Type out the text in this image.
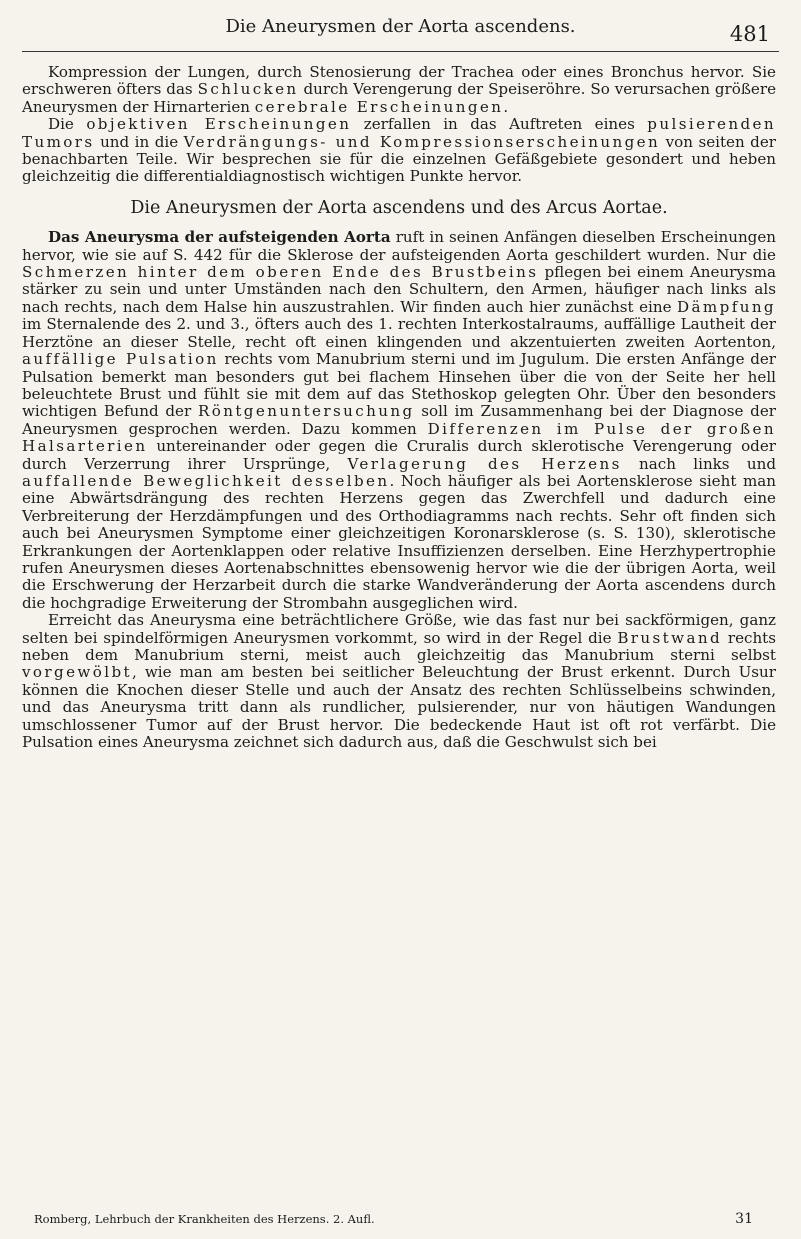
Die Aneurysmen der Aorta ascendens.	481

Kompression der Lungen, durch Stenosierung der Trachea oder eines Bronchus hervor. Sie erschweren öfters das Schlucken durch Verengerung der Speiseröhre. So verursachen größere Aneurysmen der Hirnarterien cerebrale Erscheinungen.

Die objektiven Erscheinungen zerfallen in das Auftreten eines pulsierenden Tumors und in die Verdrängungs- und Kompressionserscheinungen von seiten der benachbarten Teile. Wir besprechen sie für die einzelnen Gefäßgebiete gesondert und heben gleichzeitig die differentialdiagnostisch wichtigen Punkte hervor.

Die Aneurysmen der Aorta ascendens und des Arcus Aortae.

Das Aneurysma der aufsteigenden Aorta ruft in seinen Anfängen dieselben Erscheinungen hervor, wie sie auf S. 442 für die Sklerose der aufsteigenden Aorta geschildert wurden. Nur die Schmerzen hinter dem oberen Ende des Brustbeins pflegen bei einem Aneurysma stärker zu sein und unter Umständen nach den Schultern, den Armen, häufiger nach links als nach rechts, nach dem Halse hin auszustrahlen. Wir finden auch hier zunächst eine Dämpfung im Sternalende des 2. und 3., öfters auch des 1. rechten Interkostalraums, auffällige Lautheit der Herztöne an dieser Stelle, recht oft einen klingenden und akzentuierten zweiten Aortenton, auffällige Pulsation rechts vom Manubrium sterni und im Jugulum. Die ersten Anfänge der Pulsation bemerkt man besonders gut bei flachem Hinsehen über die von der Seite her hell beleuchtete Brust und fühlt sie mit dem auf das Stethoskop gelegten Ohr. Über den besonders wichtigen Befund der Röntgenuntersuchung soll im Zusammenhang bei der Diagnose der Aneurysmen gesprochen werden. Dazu kommen Differenzen im Pulse der großen Halsarterien untereinander oder gegen die Cruralis durch sklerotische Verengerung oder durch Verzerrung ihrer Ursprünge, Verlagerung des Herzens nach links und auffallende Beweglichkeit desselben. Noch häufiger als bei Aortensklerose sieht man eine Abwärtsdrängung des rechten Herzens gegen das Zwerchfell und dadurch eine Verbreiterung der Herzdämpfungen und des Orthodiagramms nach rechts. Sehr oft finden sich auch bei Aneurysmen Symptome einer gleichzeitigen Koronarsklerose (s. S. 130), sklerotische Erkrankungen der Aortenklappen oder relative Insuffizienzen derselben. Eine Herzhypertrophie rufen Aneurysmen dieses Aortenabschnittes ebensowenig hervor wie die der übrigen Aorta, weil die Erschwerung der Herzarbeit durch die starke Wandveränderung der Aorta ascendens durch die hochgradige Erweiterung der Strombahn ausgeglichen wird.

Erreicht das Aneurysma eine beträchtlichere Größe, wie das fast nur bei sackförmigen, ganz selten bei spindelförmigen Aneurysmen vorkommt, so wird in der Regel die Brustwand rechts neben dem Manubrium sterni, meist auch gleichzeitig das Manubrium sterni selbst vorgewölbt, wie man am besten bei seitlicher Beleuchtung der Brust erkennt. Durch Usur können die Knochen dieser Stelle und auch der Ansatz des rechten Schlüsselbeins schwinden, und das Aneurysma tritt dann als rundlicher, pulsierender, nur von häutigen Wandungen umschlossener Tumor auf der Brust hervor. Die bedeckende Haut ist oft rot verfärbt. Die Pulsation eines Aneurysma zeichnet sich dadurch aus, daß die Geschwulst sich bei

Romberg, Lehrbuch der Krankheiten des Herzens. 2. Aufl.	31
